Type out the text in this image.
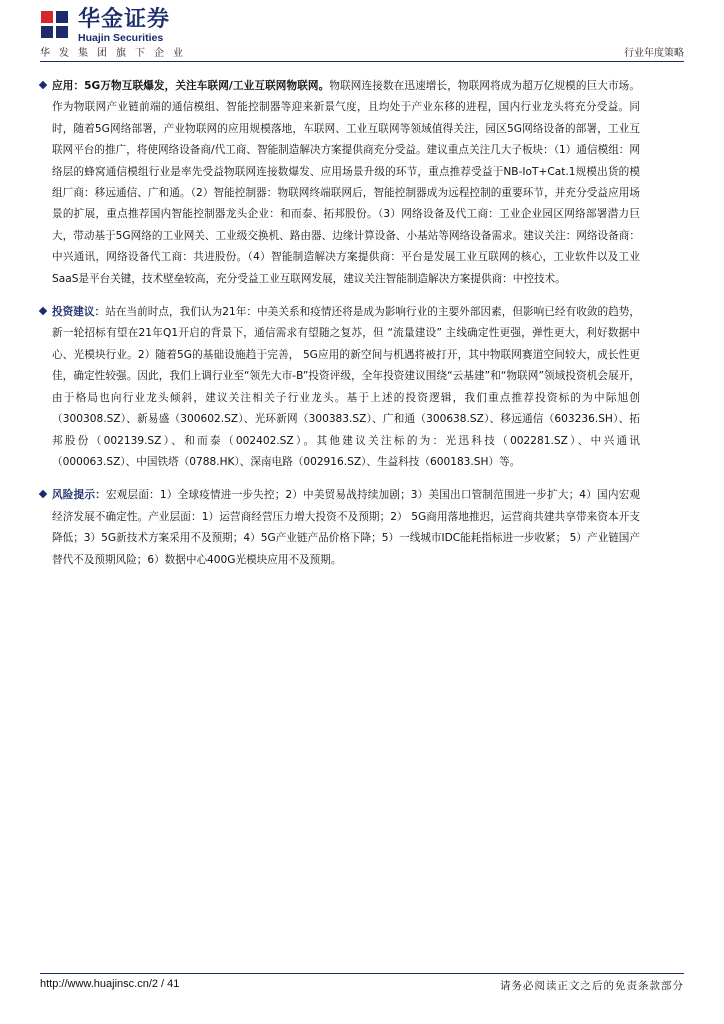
华金证券
Huajin Securities
华发集团旗下企业	行业年度策略
应用：5G万物互联爆发，关注车联网/工业互联网物联网。物联网连接数在迅速增长，物联网将成为超万亿规模的巨大市场。作为物联网产业链前端的通信模组、智能控制器等迎来新景气度，且均处于产业东移的进程，国内行业龙头将充分受益。同时，随着5G网络部署，产业物联网的应用规模落地，车联网、工业互联网等领域值得关注，园区5G网络设备的部署，工业互联网平台的推广，将使网络设备商/代工商、智能制造解决方案提供商充分受益。建议重点关注几大子板块：（1）通信模组：网络层的蜂窝通信模组行业是率先受益物联网连接数爆发、应用场景升级的环节，重点推荐受益于NB-IoT+Cat.1规模出货的模组厂商：移远通信、广和通。（2）智能控制器：物联网终端联网后，智能控制器成为远程控制的重要环节，并充分受益应用场景的扩展，重点推荐国内智能控制器龙头企业：和而泰、拓邦股份。（3）网络设备及代工商：工业企业园区网络部署潜力巨大，带动基于5G网络的工业网关、工业级交换机、路由器、边缘计算设备、小基站等网络设备需求。建议关注：网络设备商：中兴通讯，网络设备代工商：共进股份。（4）智能制造解决方案提供商：平台是发展工业互联网的核心，工业软件以及工业SaaS是平台关键，技术壁垒较高，充分受益工业互联网发展，建议关注智能制造解决方案提供商：中控技术。
投资建议：站在当前时点，我们认为21年：中美关系和疫情还将是成为影响行业的主要外部因素，但影响已经有收敛的趋势，新一轮招标有望在21年Q1开启的背景下，通信需求有望随之复苏，但 “流量建设” 主线确定性更强，弹性更大，利好数据中心、光模块行业。2）随着5G的基础设施趋于完善， 5G应用的新空间与机遇将被打开，其中物联网赛道空间较大，成长性更佳，确定性较强。因此，我们上调行业至“领先大市-B”投资评级，全年投资建议围绕“云基建”和“物联网”领域投资机会展开，由于格局也向行业龙头倾斜，建议关注相关子行业龙头。基于上述的投资逻辑，我们重点推荐投资标的为中际旭创（300308.SZ）、新易盛（300602.SZ）、光环新网（300383.SZ）、广和通（300638.SZ）、移远通信（603236.SH）、拓邦股份（002139.SZ）、和而泰（002402.SZ）。其他建议关注标的为：光迅科技（002281.SZ）、中兴通讯（000063.SZ）、中国铁塔（0788.HK）、深南电路（002916.SZ）、生益科技（600183.SH）等。
风险提示：宏观层面：1）全球疫情进一步失控；2）中美贸易战持续加剧；3）美国出口管制范围进一步扩大；4）国内宏观经济发展不确定性。产业层面：1）运营商经营压力增大投资不及预期；2） 5G商用落地推迟，运营商共建共享带来资本开支降低；3）5G新技术方案采用不及预期；4）5G产业链产品价格下降；5）一线城市IDC能耗指标进一步收紧； 5）产业链国产替代不及预期风险；6）数据中心400G光模块应用不及预期。
http://www.huajinsc.cn/2 / 41	请务必阅读正文之后的免责条款部分
